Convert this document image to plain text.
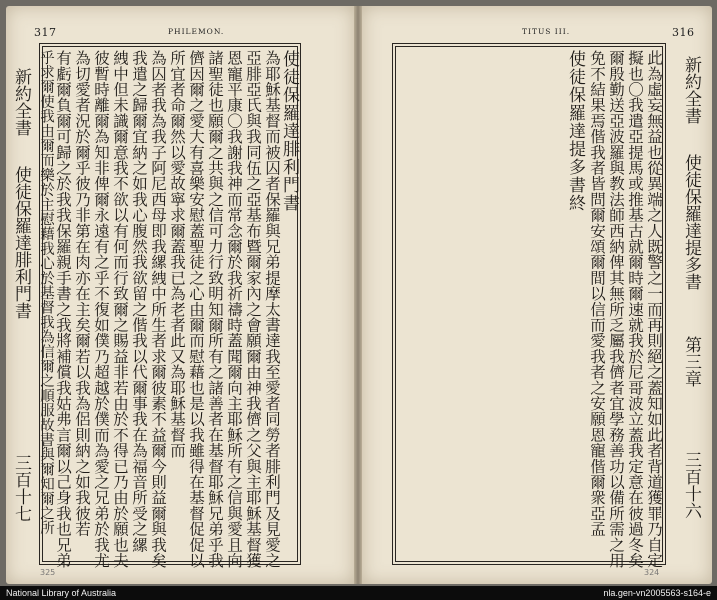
317	PHILEMON.
使徒保羅達腓利門書
為耶穌基督而被囚者保羅與兄弟提摩太書達我至愛者同勞者腓利門及見愛之
亞腓亞氏與我同伍之亞基布暨爾家內之會願爾由神我儕之父與主耶穌基督獲
恩寵平康〇我謝我神而常念爾於我祈禱時蓋聞爾向主耶穌所有之信與愛且向
諸聖徒也願爾之共與之信可力行致明知爾所有之諸善者在基督耶穌兄弟乎我
儕因爾之愛大有喜樂安慰蓋聖徒之心由爾而慰藉也是以我雖得在基督促促以
所宜者命爾然以愛故寧求爾蓋我已為老者此又為耶穌基督而
為囚者我為我子阿尼西母即我縲絏中所生者求爾彼素不益爾今則益爾與我矣
我遣之歸爾宜納之如我心腹然我欲留之偕我以代爾事我在為福音所受之縲
絏中但未識爾意我不欲以有何而行致爾之賜益非若由於不得已乃由於願也夫
彼暫時離爾為知非俾爾永遠有之乎不復如僕乃超越於僕而為愛之兄弟於我尤
為切愛者況於爾乎彼乃非第在肉亦在主矣爾若以我為侶則納之如我彼若
有虧爾負爾可歸之於我我保羅親手書之我將補償我姑弗言爾以己身我也兄弟
乎求爾使我由爾而樂於主慰藉我心於基督我為信爾之順服故書與爾知爾之所
新約全書
使徒保羅達腓利門書
三百十七
325
TITUS III.	316
此為虛妄無益也從異端之人既警之一而再則絕之蓋知如此者背道獲罪乃自定
擬也〇我遣亞提馬或推基古就爾時爾速就我於尼哥波立蓋我定意在彼過冬矣
爾殷勤送亞波羅與教法師西納俾其無所乏屬我儕者宜學務善功以備所需之用
免不結果焉偕我者皆問爾安頌爾間以信而愛我者之安願恩寵偕爾衆亞孟
使徒保羅達提多書終	新約全書
使徒保羅達提多書
第三章
三百十六
324
National Library of Australia	nla.gen-vn2005563-s164-e
